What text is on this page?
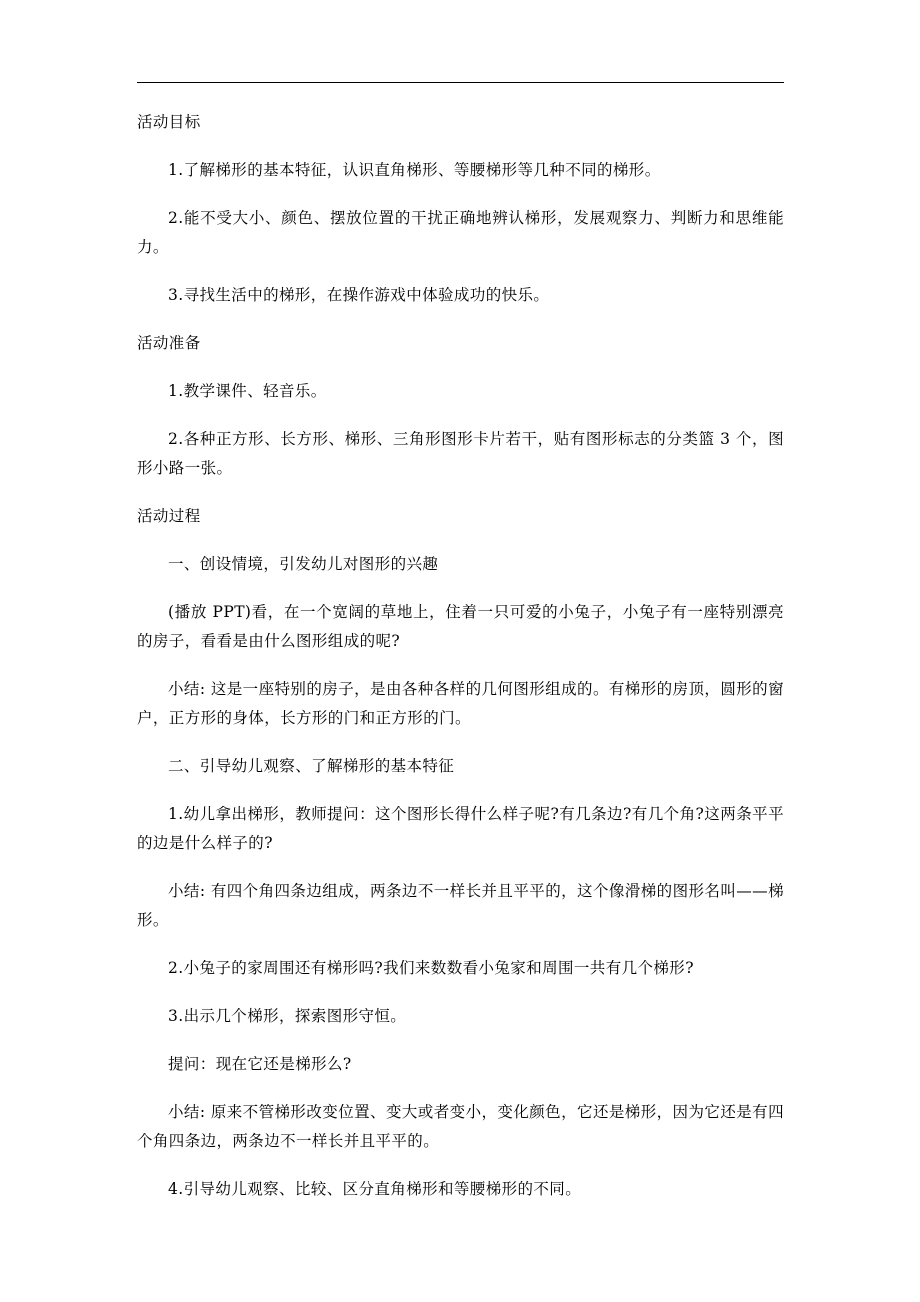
活动目标

1.了解梯形的基本特征，认识直角梯形、等腰梯形等几种不同的梯形。

2.能不受大小、颜色、摆放位置的干扰正确地辨认梯形，发展观察力、判断力和思维能力。

3.寻找生活中的梯形，在操作游戏中体验成功的快乐。

活动准备

1.教学课件、轻音乐。

2.各种正方形、长方形、梯形、三角形图形卡片若干，贴有图形标志的分类篮 3 个，图形小路一张。

活动过程

一、创设情境，引发幼儿对图形的兴趣

(播放 PPT)看，在一个宽阔的草地上，住着一只可爱的小兔子，小兔子有一座特别漂亮的房子，看看是由什么图形组成的呢?

小结: 这是一座特别的房子，是由各种各样的几何图形组成的。有梯形的房顶，圆形的窗户，正方形的身体，长方形的门和正方形的门。

二、引导幼儿观察、了解梯形的基本特征

1.幼儿拿出梯形，教师提问：这个图形长得什么样子呢?有几条边?有几个角?这两条平平的边是什么样子的?

小结: 有四个角四条边组成，两条边不一样长并且平平的，这个像滑梯的图形名叫——梯形。

2.小兔子的家周围还有梯形吗?我们来数数看小兔家和周围一共有几个梯形?

3.出示几个梯形，探索图形守恒。

提问：现在它还是梯形么?

小结: 原来不管梯形改变位置、变大或者变小，变化颜色，它还是梯形，因为它还是有四个角四条边，两条边不一样长并且平平的。

4.引导幼儿观察、比较、区分直角梯形和等腰梯形的不同。
